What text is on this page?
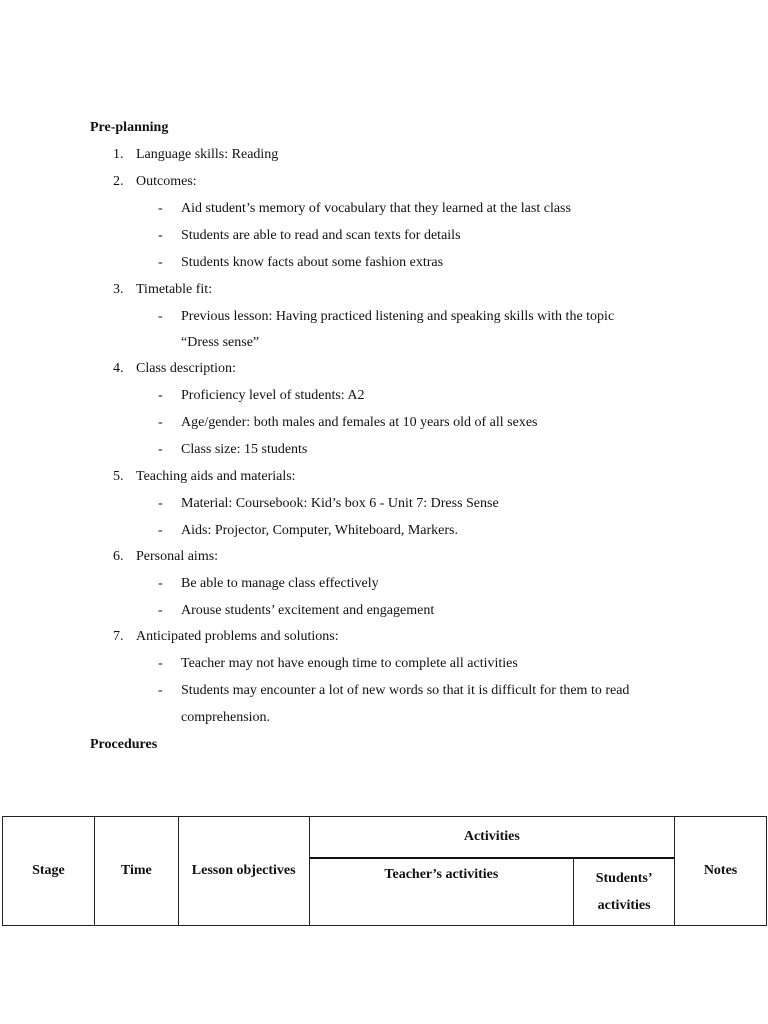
Pre-planning
1. Language skills: Reading
2. Outcomes:
- Aid student’s memory of vocabulary that they learned at the last class
- Students are able to read and scan texts for details
- Students know facts about some fashion extras
3. Timetable fit:
- Previous lesson: Having practiced listening and speaking skills with the topic
“Dress sense”
4. Class description:
- Proficiency level of students: A2
- Age/gender: both males and females at 10 years old of all sexes
- Class size: 15 students
5. Teaching aids and materials:
- Material: Coursebook: Kid’s box 6 - Unit 7: Dress Sense
- Aids: Projector, Computer, Whiteboard, Markers.
6. Personal aims:
- Be able to manage class effectively
- Arouse students’ excitement and engagement
7. Anticipated problems and solutions:
- Teacher may not have enough time to complete all activities
- Students may encounter a lot of new words so that it is difficult for them to read
comprehension.
Procedures
Stage	Time	Lesson objectives	Activities		Notes
			Teacher’s activities	Students’
activities	
